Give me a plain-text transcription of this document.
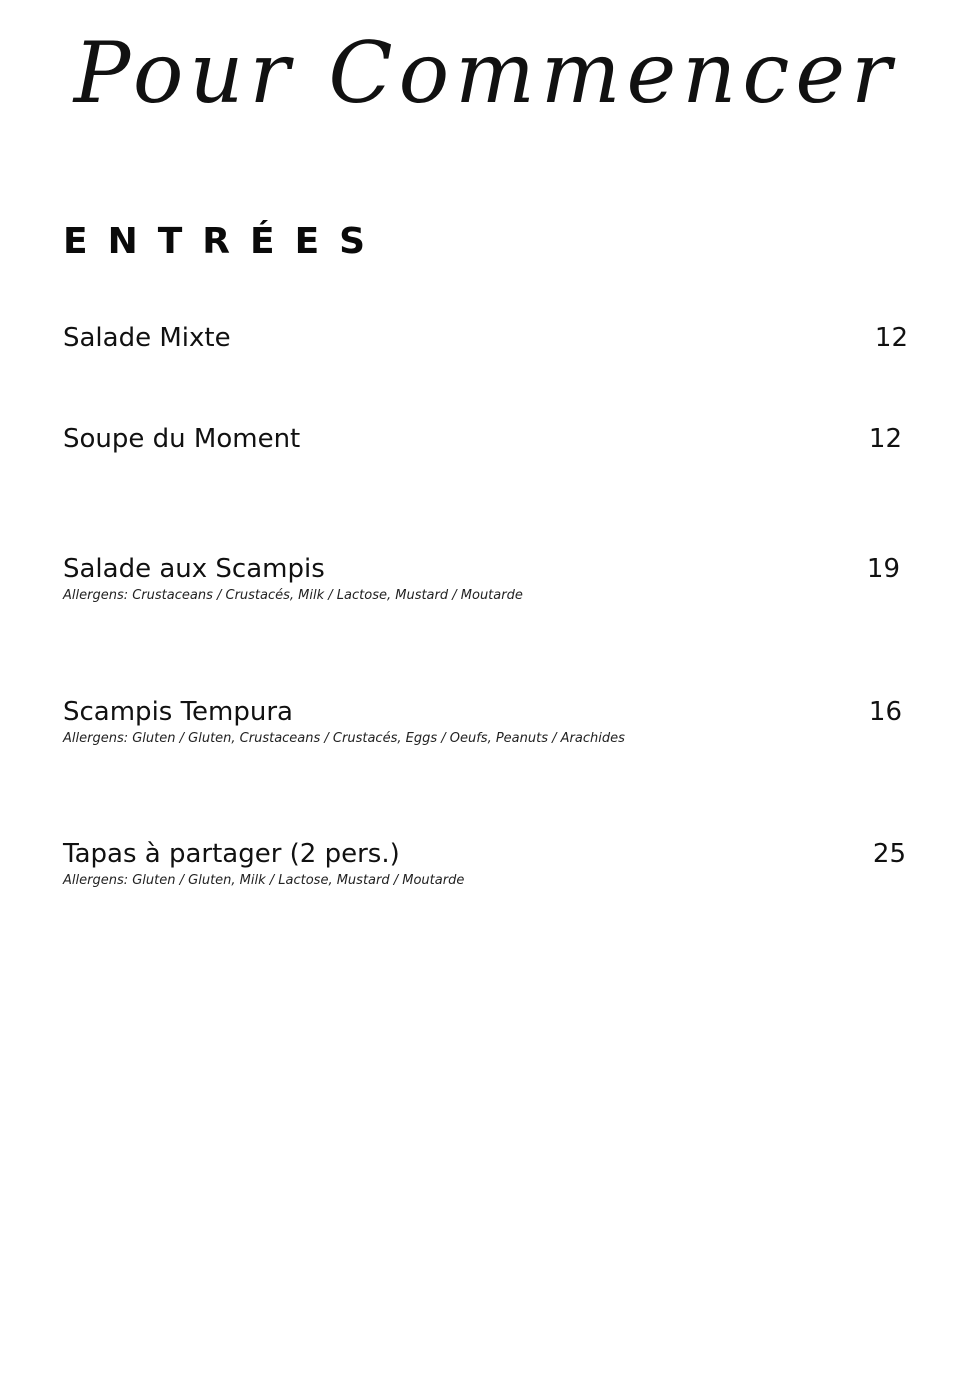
Pour Commencer
ENTRÉES
Salade Mixte	12
Soupe du Moment	12
Salade aux Scampis	19
Allergens: Crustaceans / Crustacés, Milk / Lactose, Mustard / Moutarde
Scampis Tempura	16
Allergens: Gluten / Gluten, Crustaceans / Crustacés, Eggs / Oeufs, Peanuts / Arachides
Tapas à partager (2 pers.)	25
Allergens: Gluten / Gluten, Milk / Lactose, Mustard / Moutarde
